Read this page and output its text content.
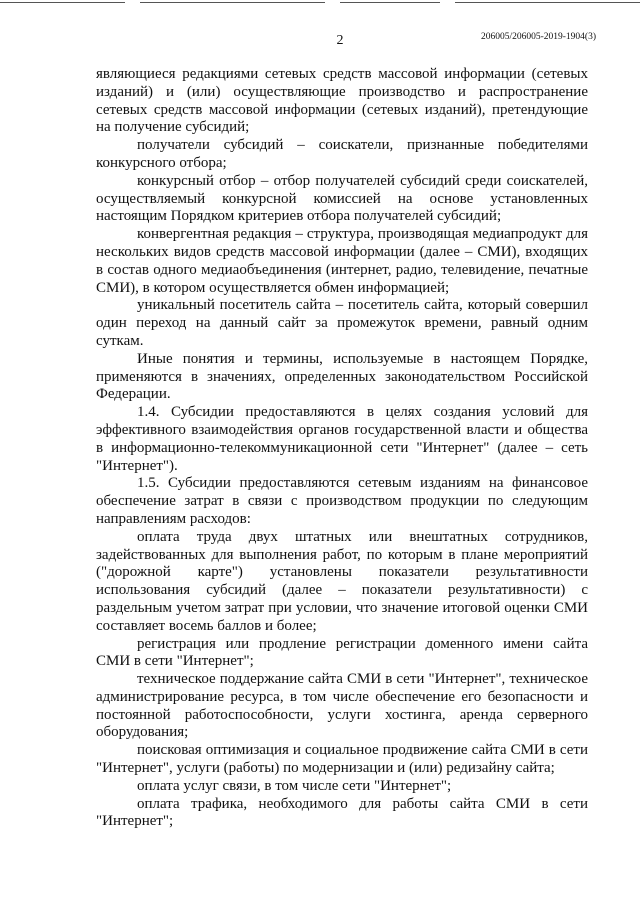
2	206005/206005-2019-1904(3)

являющиеся редакциями сетевых средств массовой информации (сетевых изданий) и (или) осуществляющие производство и распространение сетевых средств массовой информации (сетевых изданий), претендующие на получение субсидий;

получатели субсидий – соискатели, признанные победителями конкурсного отбора;

конкурсный отбор – отбор получателей субсидий среди соискателей, осуществляемый конкурсной комиссией на основе установленных настоящим Порядком критериев отбора получателей субсидий;

конвергентная редакция – структура, производящая медиапродукт для нескольких видов средств массовой информации (далее – СМИ), входящих в состав одного медиаобъединения (интернет, радио, телевидение, печатные СМИ), в котором осуществляется обмен информацией;

уникальный посетитель сайта – посетитель сайта, который совершил один переход на данный сайт за промежуток времени, равный одним суткам.

Иные понятия и термины, используемые в настоящем Порядке, применяются в значениях, определенных законодательством Российской Федерации.

1.4. Субсидии предоставляются в целях создания условий для эффективного взаимодействия органов государственной власти и общества в информационно-телекоммуникационной сети "Интернет" (далее – сеть "Интернет").

1.5. Субсидии предоставляются сетевым изданиям на финансовое обеспечение затрат в связи с производством продукции по следующим направлениям расходов:

оплата труда двух штатных или внештатных сотрудников, задействованных для выполнения работ, по которым в плане мероприятий ("дорожной карте") установлены показатели результативности использования субсидий (далее – показатели результативности) с раздельным учетом затрат при условии, что значение итоговой оценки СМИ составляет восемь баллов и более;

регистрация или продление регистрации доменного имени сайта СМИ в сети "Интернет";

техническое поддержание сайта СМИ в сети "Интернет", техническое администрирование ресурса, в том числе обеспечение его безопасности и постоянной работоспособности, услуги хостинга, аренда серверного оборудования;

поисковая оптимизация и социальное продвижение сайта СМИ в сети "Интернет", услуги (работы) по модернизации и (или) редизайну сайта;

оплата услуг связи, в том числе сети "Интернет";

оплата трафика, необходимого для работы сайта СМИ в сети "Интернет";
